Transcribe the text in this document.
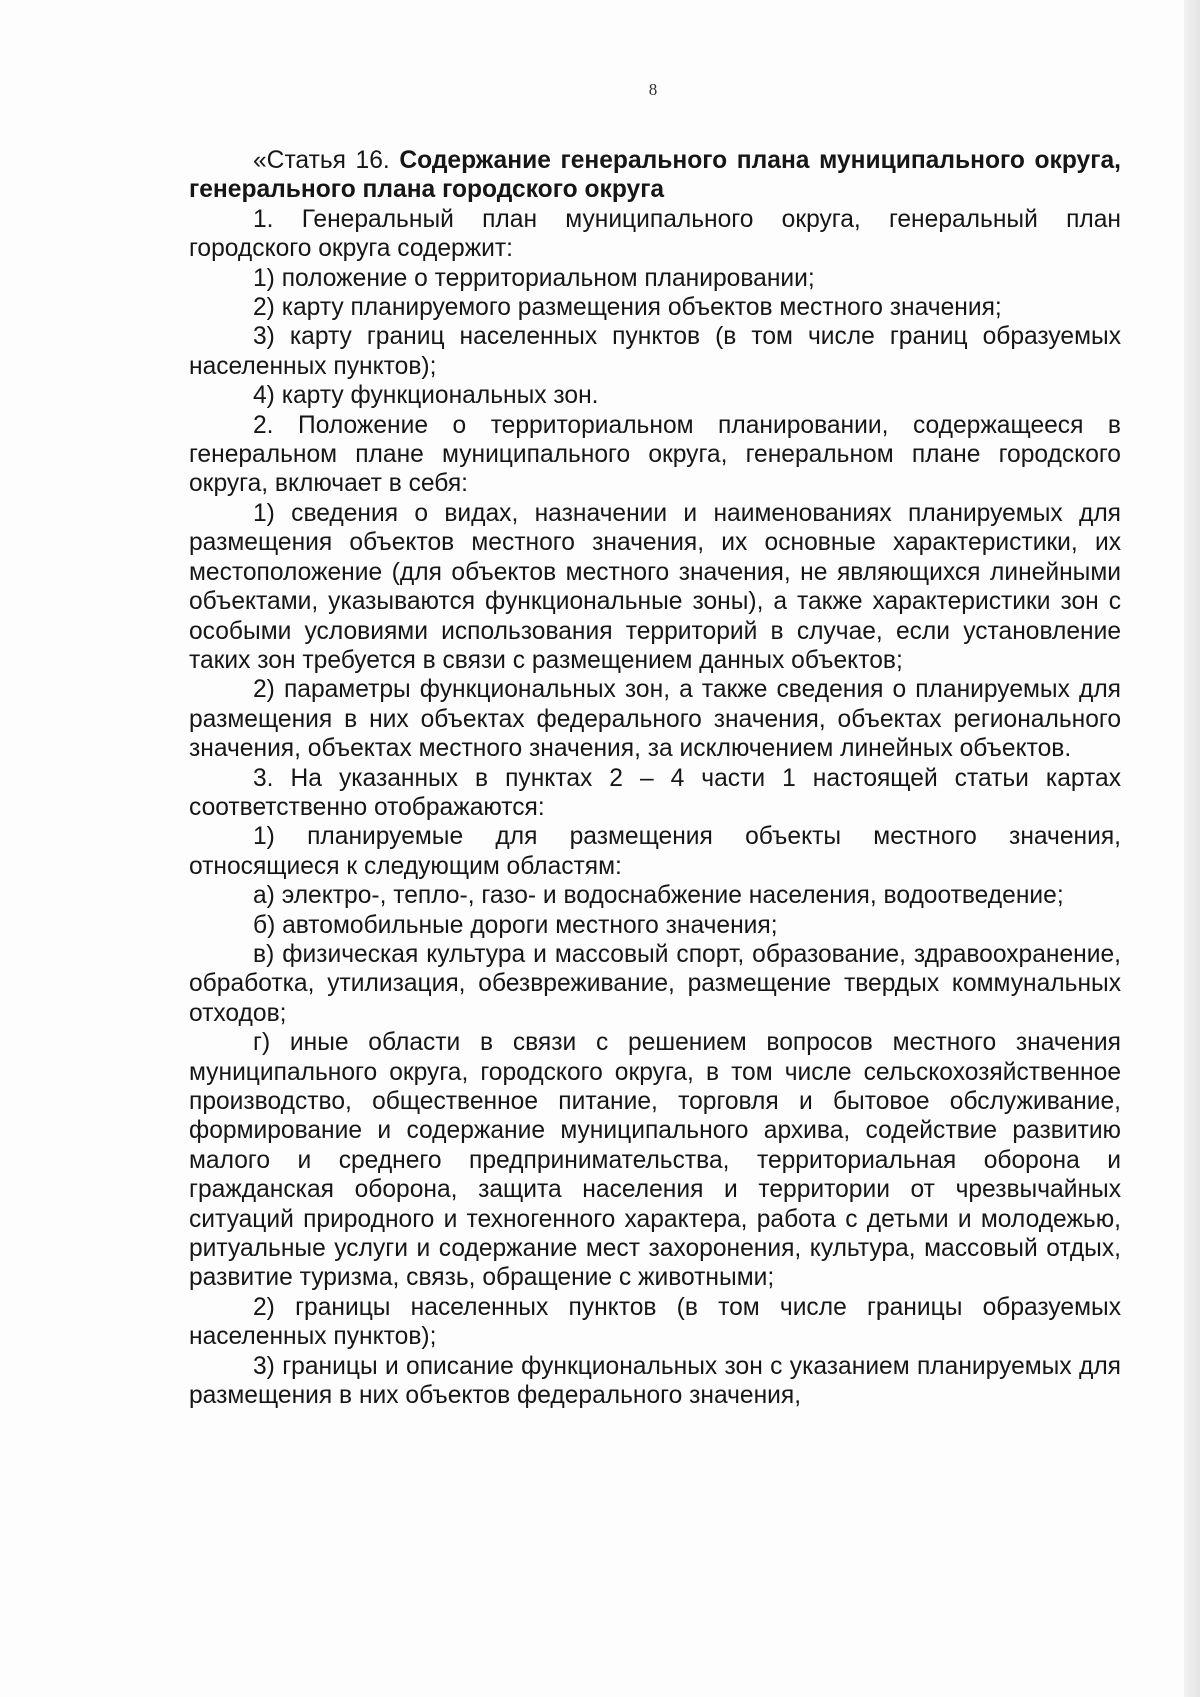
8

«Статья 16. Содержание генерального плана муниципального округа, генерального плана городского округа

1. Генеральный план муниципального округа, генеральный план городского округа содержит:

1) положение о территориальном планировании;

2) карту планируемого размещения объектов местного значения;

3) карту границ населенных пунктов (в том числе границ образуемых населенных пунктов);

4) карту функциональных зон.

2. Положение о территориальном планировании, содержащееся в генеральном плане муниципального округа, генеральном плане городского округа, включает в себя:

1) сведения о видах, назначении и наименованиях планируемых для размещения объектов местного значения, их основные характеристики, их местоположение (для объектов местного значения, не являющихся линейными объектами, указываются функциональные зоны), а также характеристики зон с особыми условиями использования территорий в случае, если установление таких зон требуется в связи с размещением данных объектов;

2) параметры функциональных зон, а также сведения о планируемых для размещения в них объектах федерального значения, объектах регионального значения, объектах местного значения, за исключением линейных объектов.

3. На указанных в пунктах 2 – 4 части 1 настоящей статьи картах соответственно отображаются:

1) планируемые для размещения объекты местного значения, относящиеся к следующим областям:

а) электро-, тепло-, газо- и водоснабжение населения, водоотведение;

б) автомобильные дороги местного значения;

в) физическая культура и массовый спорт, образование, здравоохранение, обработка, утилизация, обезвреживание, размещение твердых коммунальных отходов;

г) иные области в связи с решением вопросов местного значения муниципального округа, городского округа, в том числе сельскохозяйственное производство, общественное питание, торговля и бытовое обслуживание, формирование и содержание муниципального архива, содействие развитию малого и среднего предпринимательства, территориальная оборона и гражданская оборона, защита населения и территории от чрезвычайных ситуаций природного и техногенного характера, работа с детьми и молодежью, ритуальные услуги и содержание мест захоронения, культура, массовый отдых, развитие туризма, связь, обращение с животными;

2) границы населенных пунктов (в том числе границы образуемых населенных пунктов);

3) границы и описание функциональных зон с указанием планируемых для размещения в них объектов федерального значения,
